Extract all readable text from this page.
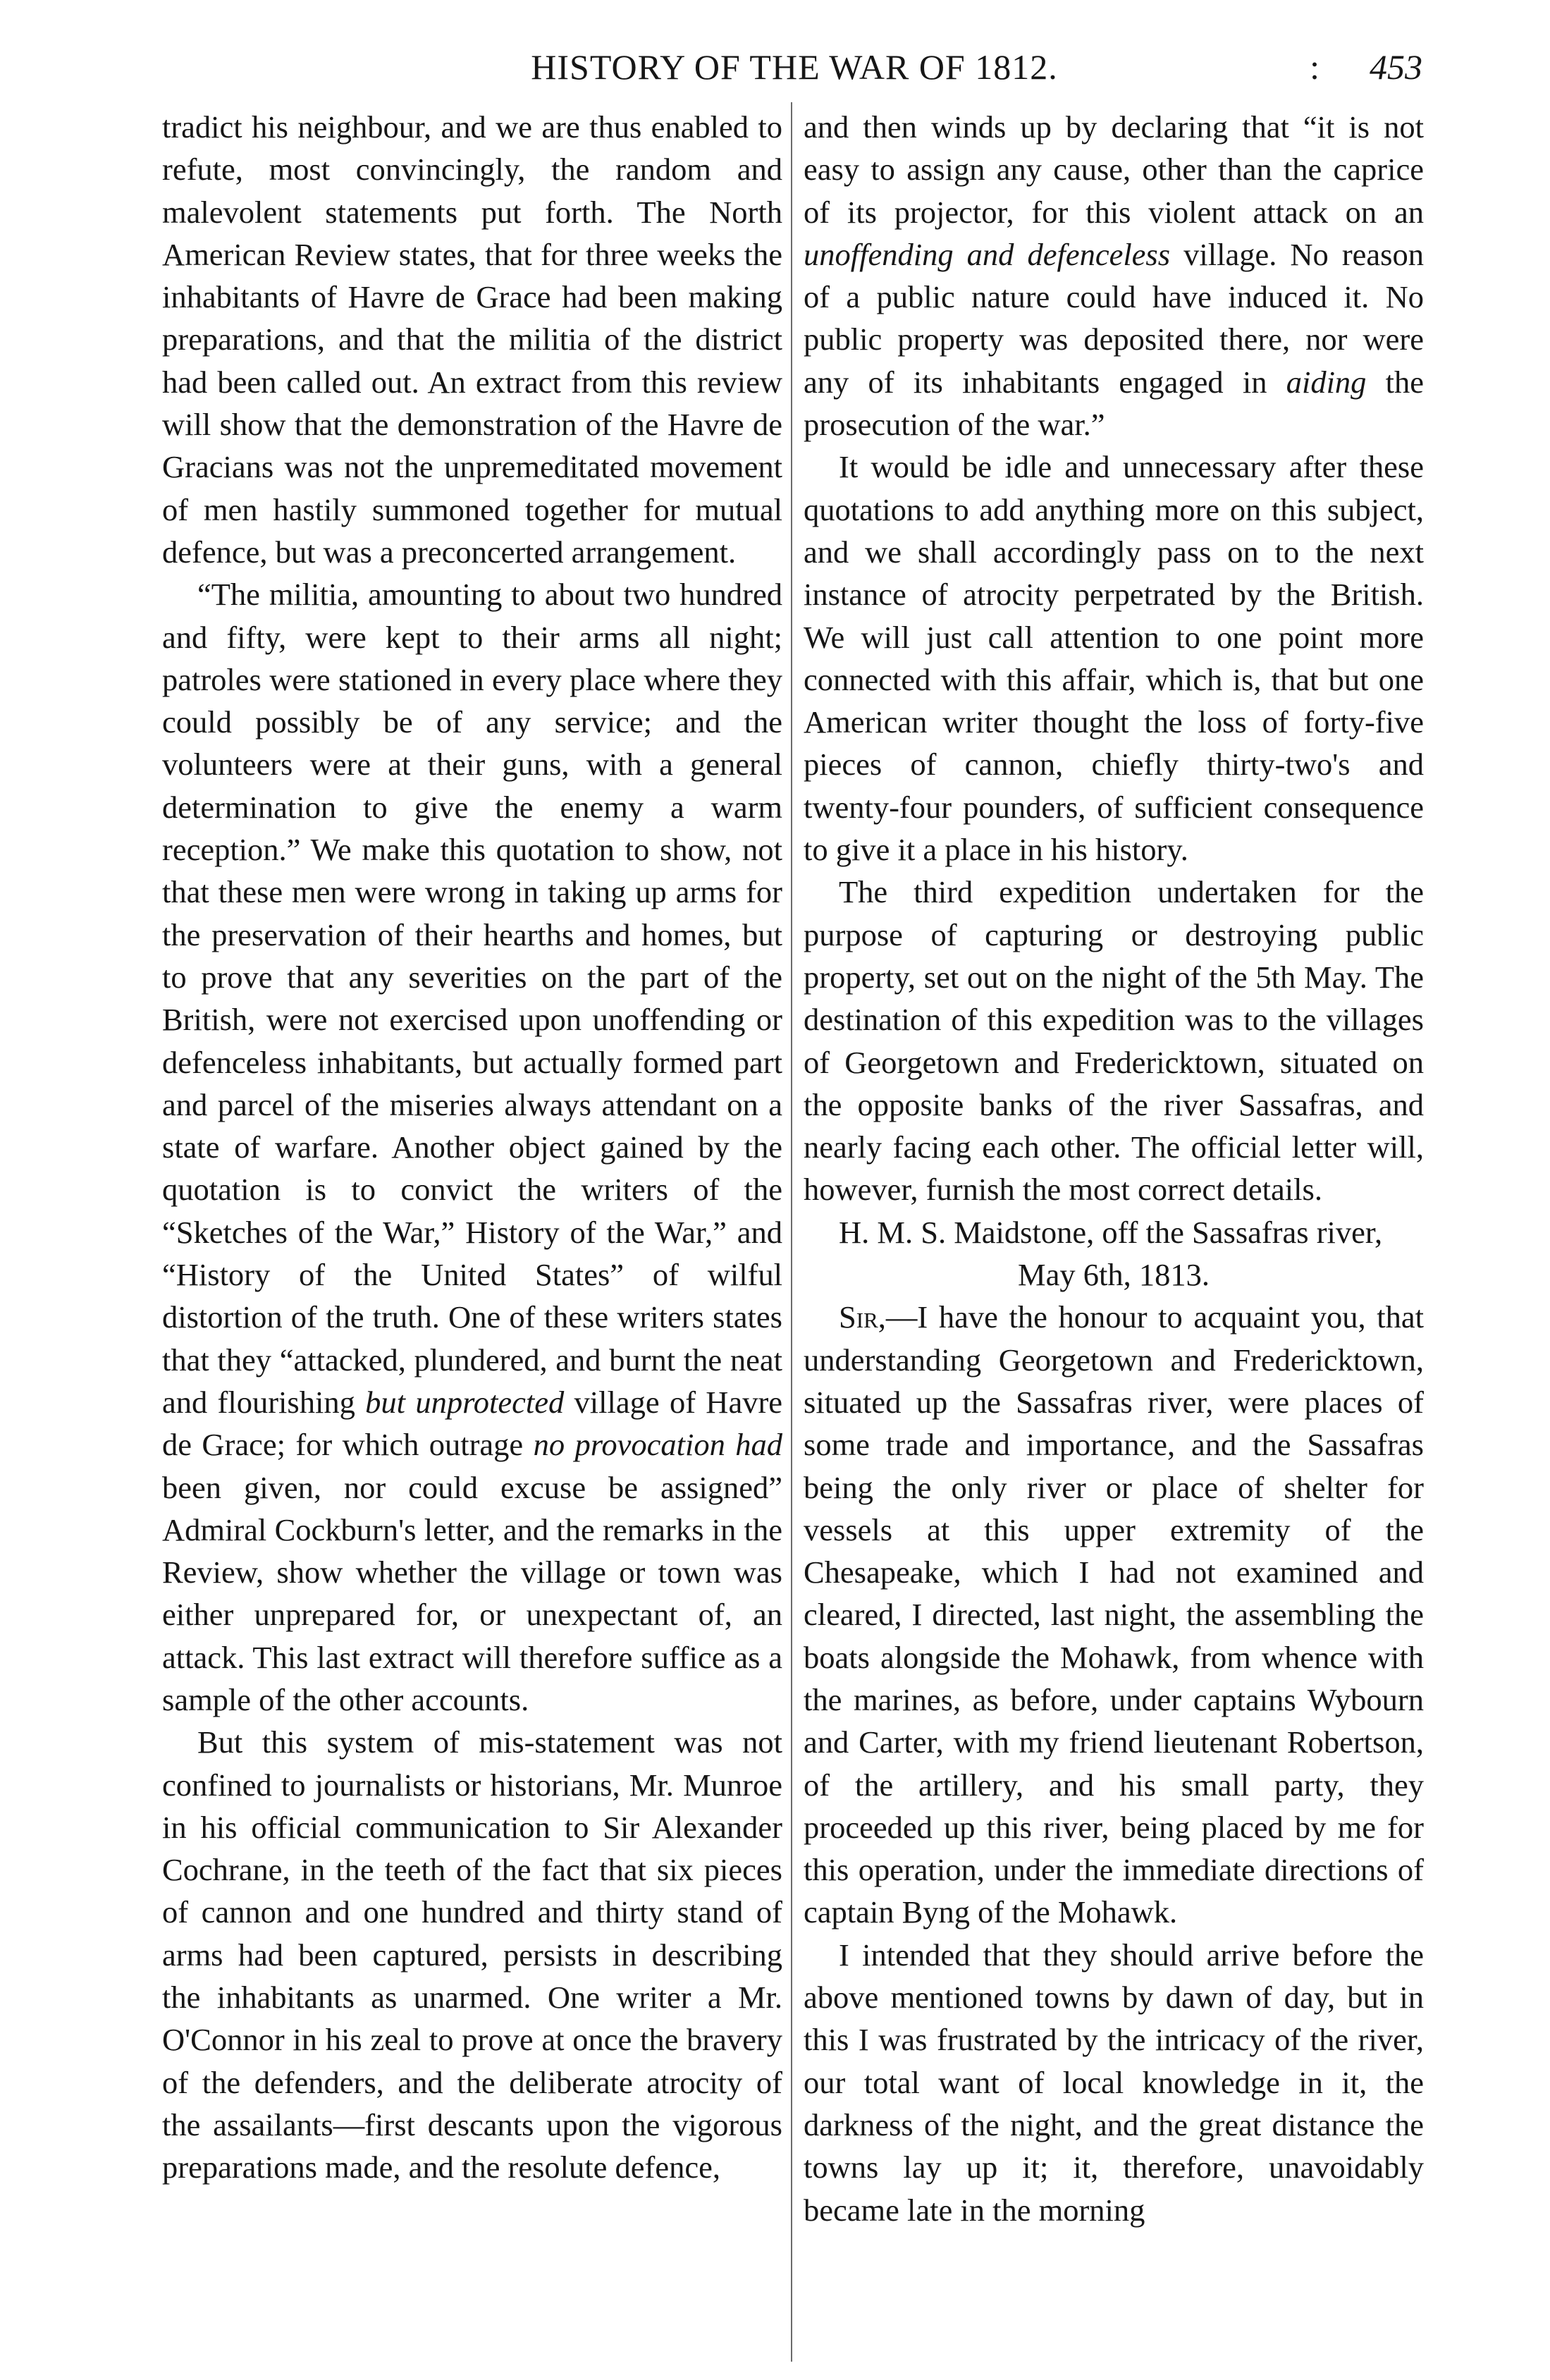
HISTORY OF THE WAR OF 1812.	: 453

tradict his neighbour, and we are thus enabled to refute, most convincingly, the random and malevolent statements put forth. The North American Review states, that for three weeks the inhabitants of Havre de Grace had been making preparations, and that the militia of the district had been called out. An extract from this review will show that the demonstration of the Havre de Gracians was not the unpremeditated movement of men hastily summoned together for mutual defence, but was a preconcerted arrangement.

“The militia, amounting to about two hundred and fifty, were kept to their arms all night; patroles were stationed in every place where they could possibly be of any service; and the volunteers were at their guns, with a general determination to give the enemy a warm reception.” We make this quotation to show, not that these men were wrong in taking up arms for the preservation of their hearths and homes, but to prove that any severities on the part of the British, were not exercised upon unoffending or defenceless inhabitants, but actually formed part and parcel of the miseries always attendant on a state of warfare. Another object gained by the quotation is to convict the writers of the “Sketches of the War,” History of the War,” and “History of the United States” of wilful distortion of the truth. One of these writers states that they “attacked, plundered, and burnt the neat and flourishing but unprotected village of Havre de Grace; for which outrage no provocation had been given, nor could excuse be assigned” Admiral Cockburn's letter, and the remarks in the Review, show whether the village or town was either unprepared for, or unexpectant of, an attack. This last extract will therefore suffice as a sample of the other accounts.

But this system of mis-statement was not confined to journalists or historians, Mr. Munroe in his official communication to Sir Alexander Cochrane, in the teeth of the fact that six pieces of cannon and one hundred and thirty stand of arms had been captured, persists in describing the inhabitants as unarmed. One writer a Mr. O'Connor in his zeal to prove at once the bravery of the defenders, and the deliberate atrocity of the assailants—first descants upon the vigorous preparations made, and the resolute defence,

and then winds up by declaring that “it is not easy to assign any cause, other than the caprice of its projector, for this violent attack on an unoffending and defenceless village. No reason of a public nature could have induced it. No public property was deposited there, nor were any of its inhabitants engaged in aiding the prosecution of the war.”

It would be idle and unnecessary after these quotations to add anything more on this subject, and we shall accordingly pass on to the next instance of atrocity perpetrated by the British. We will just call attention to one point more connected with this affair, which is, that but one American writer thought the loss of forty-five pieces of cannon, chiefly thirty-two's and twenty-four pounders, of sufficient consequence to give it a place in his history.

The third expedition undertaken for the purpose of capturing or destroying public property, set out on the night of the 5th May. The destination of this expedition was to the villages of Georgetown and Fredericktown, situated on the opposite banks of the river Sassafras, and nearly facing each other. The official letter will, however, furnish the most correct details.

H. M. S. Maidstone, off the Sassafras river,

May 6th, 1813.

Sir,—I have the honour to acquaint you, that understanding Georgetown and Fredericktown, situated up the Sassafras river, were places of some trade and importance, and the Sassafras being the only river or place of shelter for vessels at this upper extremity of the Chesapeake, which I had not examined and cleared, I directed, last night, the assembling the boats alongside the Mohawk, from whence with the marines, as before, under captains Wybourn and Carter, with my friend lieutenant Robertson, of the artillery, and his small party, they proceeded up this river, being placed by me for this operation, under the immediate directions of captain Byng of the Mohawk.

I intended that they should arrive before the above mentioned towns by dawn of day, but in this I was frustrated by the intricacy of the river, our total want of local knowledge in it, the darkness of the night, and the great distance the towns lay up it; it, therefore, unavoidably became late in the morning
